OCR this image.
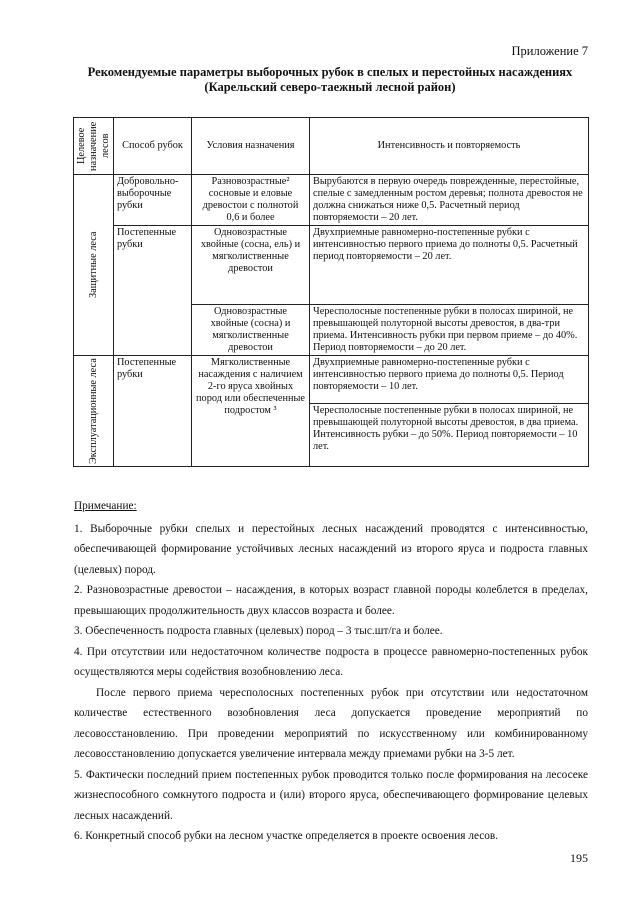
Приложение 7
Рекомендуемые параметры выборочных рубок в спелых и перестойных насаждениях
(Карельский северо-таежный лесной район)
Целевое назначение лесов	Способ рубок	Условия назначения	Интенсивность и повторяемость

Защитные леса	Добровольно-выборочные рубки	Разновозрастные² сосновые и еловые древостои с полнотой 0,6 и более	Вырубаются в первую очередь поврежденные, перестойные, спелые с замедленным ростом деревья; полнота древостоя не должна снижаться ниже 0,5. Расчетный период повторяемости – 20 лет.
	Постепенные рубки	Одновозрастные хвойные (сосна, ель) и мягколиственные древостои	Двухприемные равномерно-постепенные рубки с интенсивностью первого приема до полноты 0,5. Расчетный период повторяемости – 20 лет.
		Одновозрастные хвойные (сосна) и мягколиственные древостои	Чересполосные постепенные рубки в полосах шириной, не превышающей полуторной высоты древостоя, в два-три приема. Интенсивность рубки при первом приеме – до 40%. Период повторяемости – до 20 лет.

Эксплуатационные леса	Постепенные рубки	Мягколиственные насаждения с наличием 2-го яруса хвойных пород или обеспеченные подростом ³	Двухприемные равномерно-постепенные рубки с интенсивностью первого приема до полноты 0,5. Период повторяемости – 10 лет.
			Чересполосные постепенные рубки в полосах шириной, не превышающей полуторной высоты древостоя, в два приема. Интенсивность рубки – до 50%. Период повторяемости – 10 лет.

Примечание:

1. Выборочные рубки спелых и перестойных лесных насаждений проводятся с интенсивностью, обеспечивающей формирование устойчивых лесных насаждений из второго яруса и подроста главных (целевых) пород.

2. Разновозрастные древостои – насаждения, в которых возраст главной породы колеблется в пределах, превышающих продолжительность двух классов возраста и более.

3. Обеспеченность подроста главных (целевых) пород – 3 тыс.шт/га и более.

4. При отсутствии или недостаточном количестве подроста в процессе равномерно-постепенных рубок осуществляются меры содействия возобновлению леса.

После первого приема чересполосных постепенных рубок при отсутствии или недостаточном количестве естественного возобновления леса допускается проведение мероприятий по лесовосстановлению. При проведении мероприятий по искусственному или комбинированному лесовосстановлению допускается увеличение интервала между приемами рубки на 3-5 лет.

5. Фактически последний прием постепенных рубок проводится только после формирования на лесосеке жизнеспособного сомкнутого подроста и (или) второго яруса, обеспечивающего формирование целевых лесных насаждений.

6. Конкретный способ рубки на лесном участке определяется в проекте освоения лесов.

195
